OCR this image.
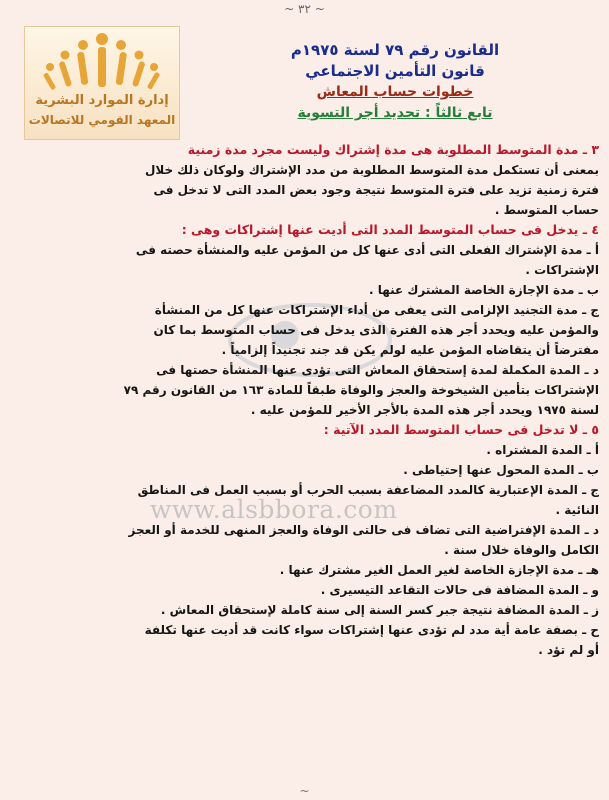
~ ٣٢ ~
إدارة الموارد البشرية
المعهد القومي للاتصالات
القانون رقم ٧٩ لسنة ١٩٧٥م
قانون التأمين الاجتماعي
خطوات حساب المعاش
تابع ثالثاً : تحديد أجر التسوية

٣ ـ مدة المتوسط المطلوبة هى مدة إشتراك وليست مجرد مدة زمنية

بمعنى أن تستكمل مدة المتوسط المطلوبة من مدد الإشتراك ولوكان ذلك خلال

فترة زمنية تزيد على فترة المتوسط نتيجة وجود بعض المدد التى لا تدخل فى

حساب المتوسط .

٤ ـ يدخل فى حساب المتوسط المدد التى أديت عنها إشتراكات وهى :

أ ـ مدة الإشتراك الفعلى التى أدى عنها كل من المؤمن عليه والمنشأة حصته فى

الإشتراكات .

ب ـ مدة الإجازة الخاصة المشترك عنها .

ج ـ مدة التجنيد الإلزامى التى يعفى من أداء الإشتراكات عنها كل من المنشأة

والمؤمن عليه ويحدد أجر هذه الفترة الذى يدخل فى حساب المتوسط بما كان

مفترضاً أن يتقاضاه المؤمن عليه لولم يكن قد جند تجنيداً إلزامياً .

د ـ المدة المكملة لمدة إستحقاق المعاش التى تؤدى عنها المنشأة حصتها فى

الإشتراكات بتأمين الشيخوخة والعجز والوفاة طبقاً للمادة ١٦٣ من القانون رقم ٧٩

لسنة ١٩٧٥ ويحدد أجر هذه المدة بالأجر الأخير للمؤمن عليه .

٥ ـ لا تدخل فى حساب المتوسط المدد الآتية :

أ ـ المدة المشتراه .

ب ـ المدة المحول عنها إحتياطى .

ج ـ المدة الإعتبارية كالمدد المضاعفة بسبب الحرب أو بسبب العمل فى المناطق

النائية .

د ـ المدة الإفتراضية التى تضاف فى حالتى الوفاة والعجز المنهى للخدمة أو العجز

الكامل والوفاة خلال سنة .

هـ ـ مدة الإجازة الخاصة لغير العمل الغير مشترك عنها .

و ـ المدة المضافة فى حالات التقاعد التيسيرى .

ز ـ المدة المضافة نتيجة جبر كسر السنة إلى سنة كاملة لإستحقاق المعاش .

ح ـ بصفة عامة أية مدد لم تؤدى عنها إشتراكات سواء كانت قد أديت عنها تكلفة

أو لم تؤد .

www.alsbbora.com
~
